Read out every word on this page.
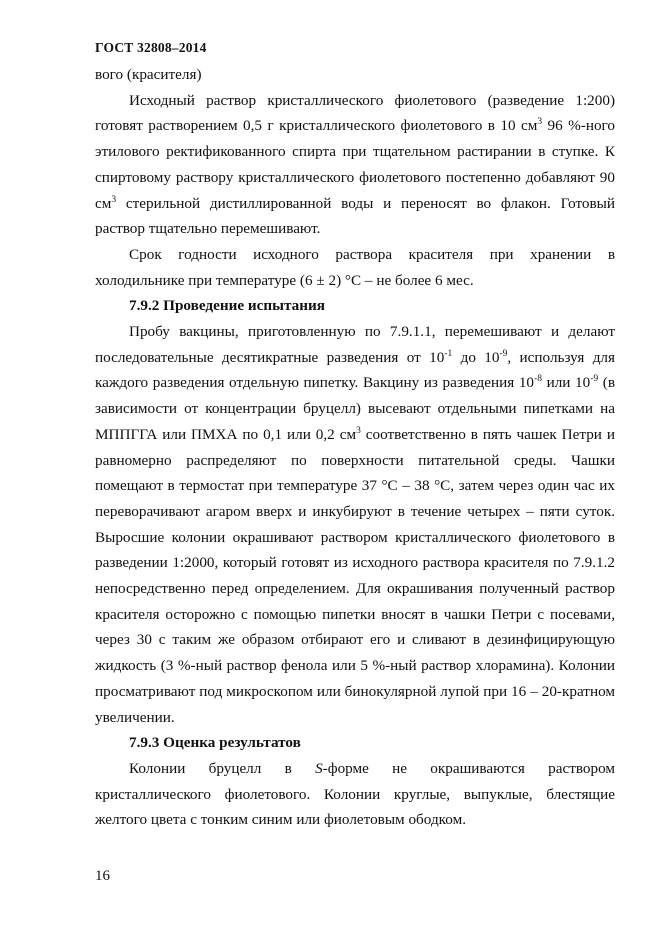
ГОСТ 32808–2014

вого (красителя)

Исходный раствор кристаллического фиолетового (разведение 1:200) готовят растворением 0,5 г кристаллического фиолетового в 10 $см^3$ 96 %-ного этилового ректификованного спирта при тщательном растирании в ступке. К спиртовому раствору кристаллического фиолетового постепенно добавляют 90 $см^3$ стерильной дистиллированной воды и переносят во флакон. Готовый раствор тщательно перемешивают.

Срок годности исходного раствора красителя при хранении в холодильнике при температуре (6 ± 2) °С – не более 6 мес.

7.9.2 Проведение испытания

Пробу вакцины, приготовленную по 7.9.1.1, перемешивают и делают последовательные десятикратные разведения от $10^{-1}$ до $10^{-9}$, используя для каждого разведения отдельную пипетку. Вакцину из разведения $10^{-8}$ или $10^{-9}$ (в зависимости от концентрации бруцелл) высевают отдельными пипетками на МППГГА или ПМХА по 0,1 или 0,2 $см^3$ соответственно в пять чашек Петри и равномерно распределяют по поверхности питательной среды. Чашки помещают в термостат при температуре 37 °С – 38 °С, затем через один час их переворачивают агаром вверх и инкубируют в течение четырех – пяти суток. Выросшие колонии окрашивают раствором кристаллического фиолетового в разведении 1:2000, который готовят из исходного раствора красителя по 7.9.1.2 непосредственно перед определением. Для окрашивания полученный раствор красителя осторожно с помощью пипетки вносят в чашки Петри с посевами, через 30 с таким же образом отбирают его и сливают в дезинфицирующую жидкость (3 %-ный раствор фенола или 5 %-ный раствор хлорамина). Колонии просматривают под микроскопом или бинокулярной лупой при 16 – 20-кратном увеличении.

7.9.3 Оценка результатов

Колонии бруцелл в S-форме не окрашиваются раствором кристаллического фиолетового. Колонии круглые, выпуклые, блестящие желтого цвета с тонким синим или фиолетовым ободком.

16
